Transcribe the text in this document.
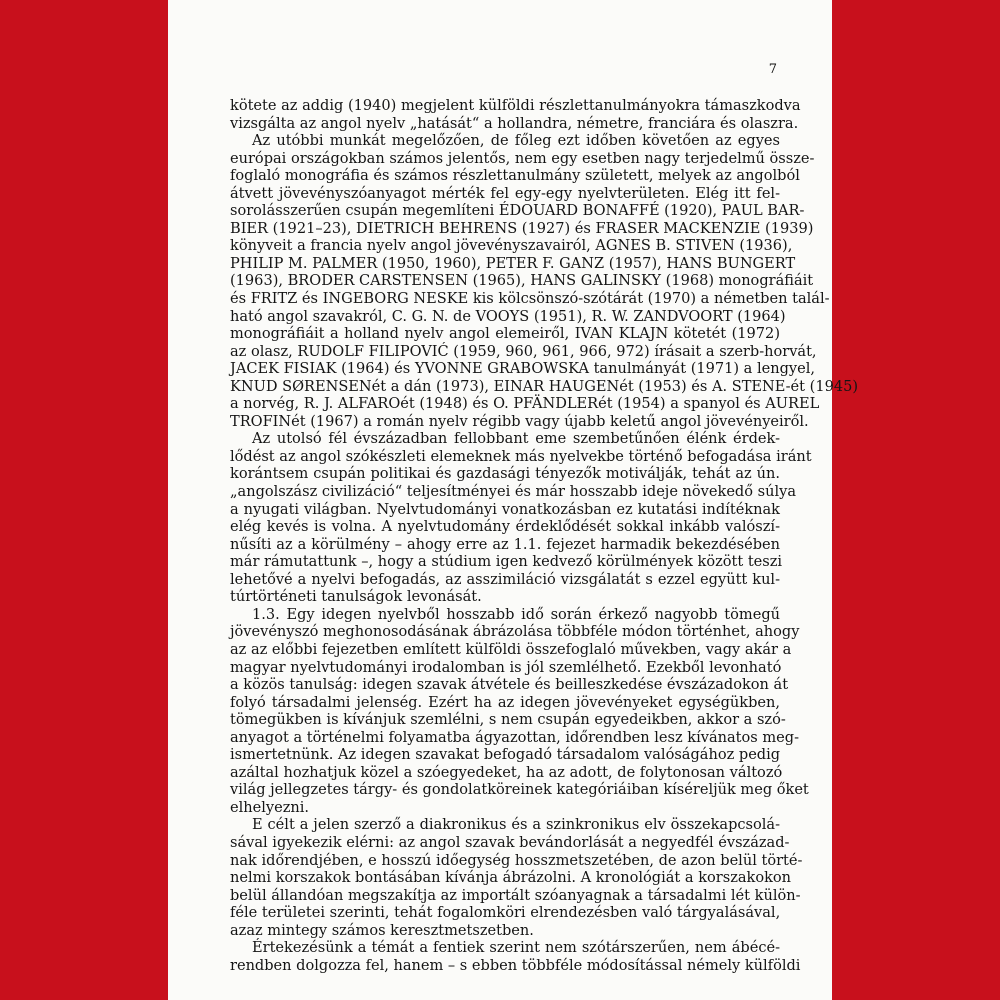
7
kötete az addig (1940) megjelent külföldi részlettanulmányokra támaszkodva
vizsgálta az angol nyelv „hatását“ a hollandra, németre, franciára és olaszra.
Az utóbbi munkát megelőzően, de főleg ezt időben követően az egyes
európai országokban számos jelentős, nem egy esetben nagy terjedelmű össze-
foglaló monográfia és számos részlettanulmány született, melyek az angolból
átvett jövevényszóanyagot mérték fel egy-egy nyelvterületen. Elég itt fel-
sorolásszerűen csupán megemlíteni ÉDOUARD BONAFFÉ (1920), PAUL BAR-
BIER (1921–23), DIETRICH BEHRENS (1927) és FRASER MACKENZIE (1939)
könyveit a francia nyelv angol jövevényszavairól, AGNES B. STIVEN (1936),
PHILIP M. PALMER (1950, 1960), PETER F. GANZ (1957), HANS BUNGERT
(1963), BRODER CARSTENSEN (1965), HANS GALINSKY (1968) monográfiáit
és FRITZ és INGEBORG NESKE kis kölcsönszó-szótárát (1970) a németben talál-
ható angol szavakról, C. G. N. de VOOYS (1951), R. W. ZANDVOORT (1964)
monográfiáit a holland nyelv angol elemeiről, IVAN KLAJN kötetét (1972)
az olasz, RUDOLF FILIPOVIĆ (1959, 960, 961, 966, 972) írásait a szerb-horvát,
JACEK FISIAK (1964) és YVONNE GRABOWSKA tanulmányát (1971) a lengyel,
KNUD SØRENSENét a dán (1973), EINAR HAUGENét (1953) és A. STENE-ét (1945)
a norvég, R. J. ALFAROét (1948) és O. PFÄNDLERét (1954) a spanyol és AUREL
TROFINét (1967) a román nyelv régibb vagy újabb keletű angol jövevényeiről.
Az utolsó fél évszázadban fellobbant eme szembetűnően élénk érdek-
lődést az angol szókészleti elemeknek más nyelvekbe történő befogadása iránt
korántsem csupán politikai és gazdasági tényezők motiválják, tehát az ún.
„angolszász civilizáció“ teljesítményei és már hosszabb ideje növekedő súlya
a nyugati világban. Nyelvtudományi vonatkozásban ez kutatási indítéknak
elég kevés is volna. A nyelvtudomány érdeklődését sokkal inkább valószí-
nűsíti az a körülmény – ahogy erre az 1.1. fejezet harmadik bekezdésében
már rámutattunk –, hogy a stúdium igen kedvező körülmények között teszi
lehetővé a nyelvi befogadás, az asszimiláció vizsgálatát s ezzel együtt kul-
túrtörténeti tanulságok levonását.
1.3. Egy idegen nyelvből hosszabb idő során érkező nagyobb tömegű
jövevényszó meghonosodásának ábrázolása többféle módon történhet, ahogy
az az előbbi fejezetben említett külföldi összefoglaló művekben, vagy akár a
magyar nyelvtudományi irodalomban is jól szemlélhető. Ezekből levonható
a közös tanulság: idegen szavak átvétele és beilleszkedése évszázadokon át
folyó társadalmi jelenség. Ezért ha az idegen jövevényeket egységükben,
tömegükben is kívánjuk szemlélni, s nem csupán egyedeikben, akkor a szó-
anyagot a történelmi folyamatba ágyazottan, időrendben lesz kívánatos meg-
ismertetnünk. Az idegen szavakat befogadó társadalom valóságához pedig
azáltal hozhatjuk közel a szóegyedeket, ha az adott, de folytonosan változó
világ jellegzetes tárgy- és gondolatköreinek kategóriáiban kíséreljük meg őket
elhelyezni.
E célt a jelen szerző a diakronikus és a szinkronikus elv összekapcsolá-
sával igyekezik elérni: az angol szavak bevándorlását a negyedfél évszázad-
nak időrendjében, e hosszú időegység hosszmetszetében, de azon belül törté-
nelmi korszakok bontásában kívánja ábrázolni. A kronológiát a korszakokon
belül állandóan megszakítja az importált szóanyagnak a társadalmi lét külön-
féle területei szerinti, tehát fogalomköri elrendezésben való tárgyalásával,
azaz mintegy számos keresztmetszetben.
Értekezésünk a témát a fentiek szerint nem szótárszerűen, nem ábécé-
rendben dolgozza fel, hanem – s ebben többféle módosítással némely külföldi
